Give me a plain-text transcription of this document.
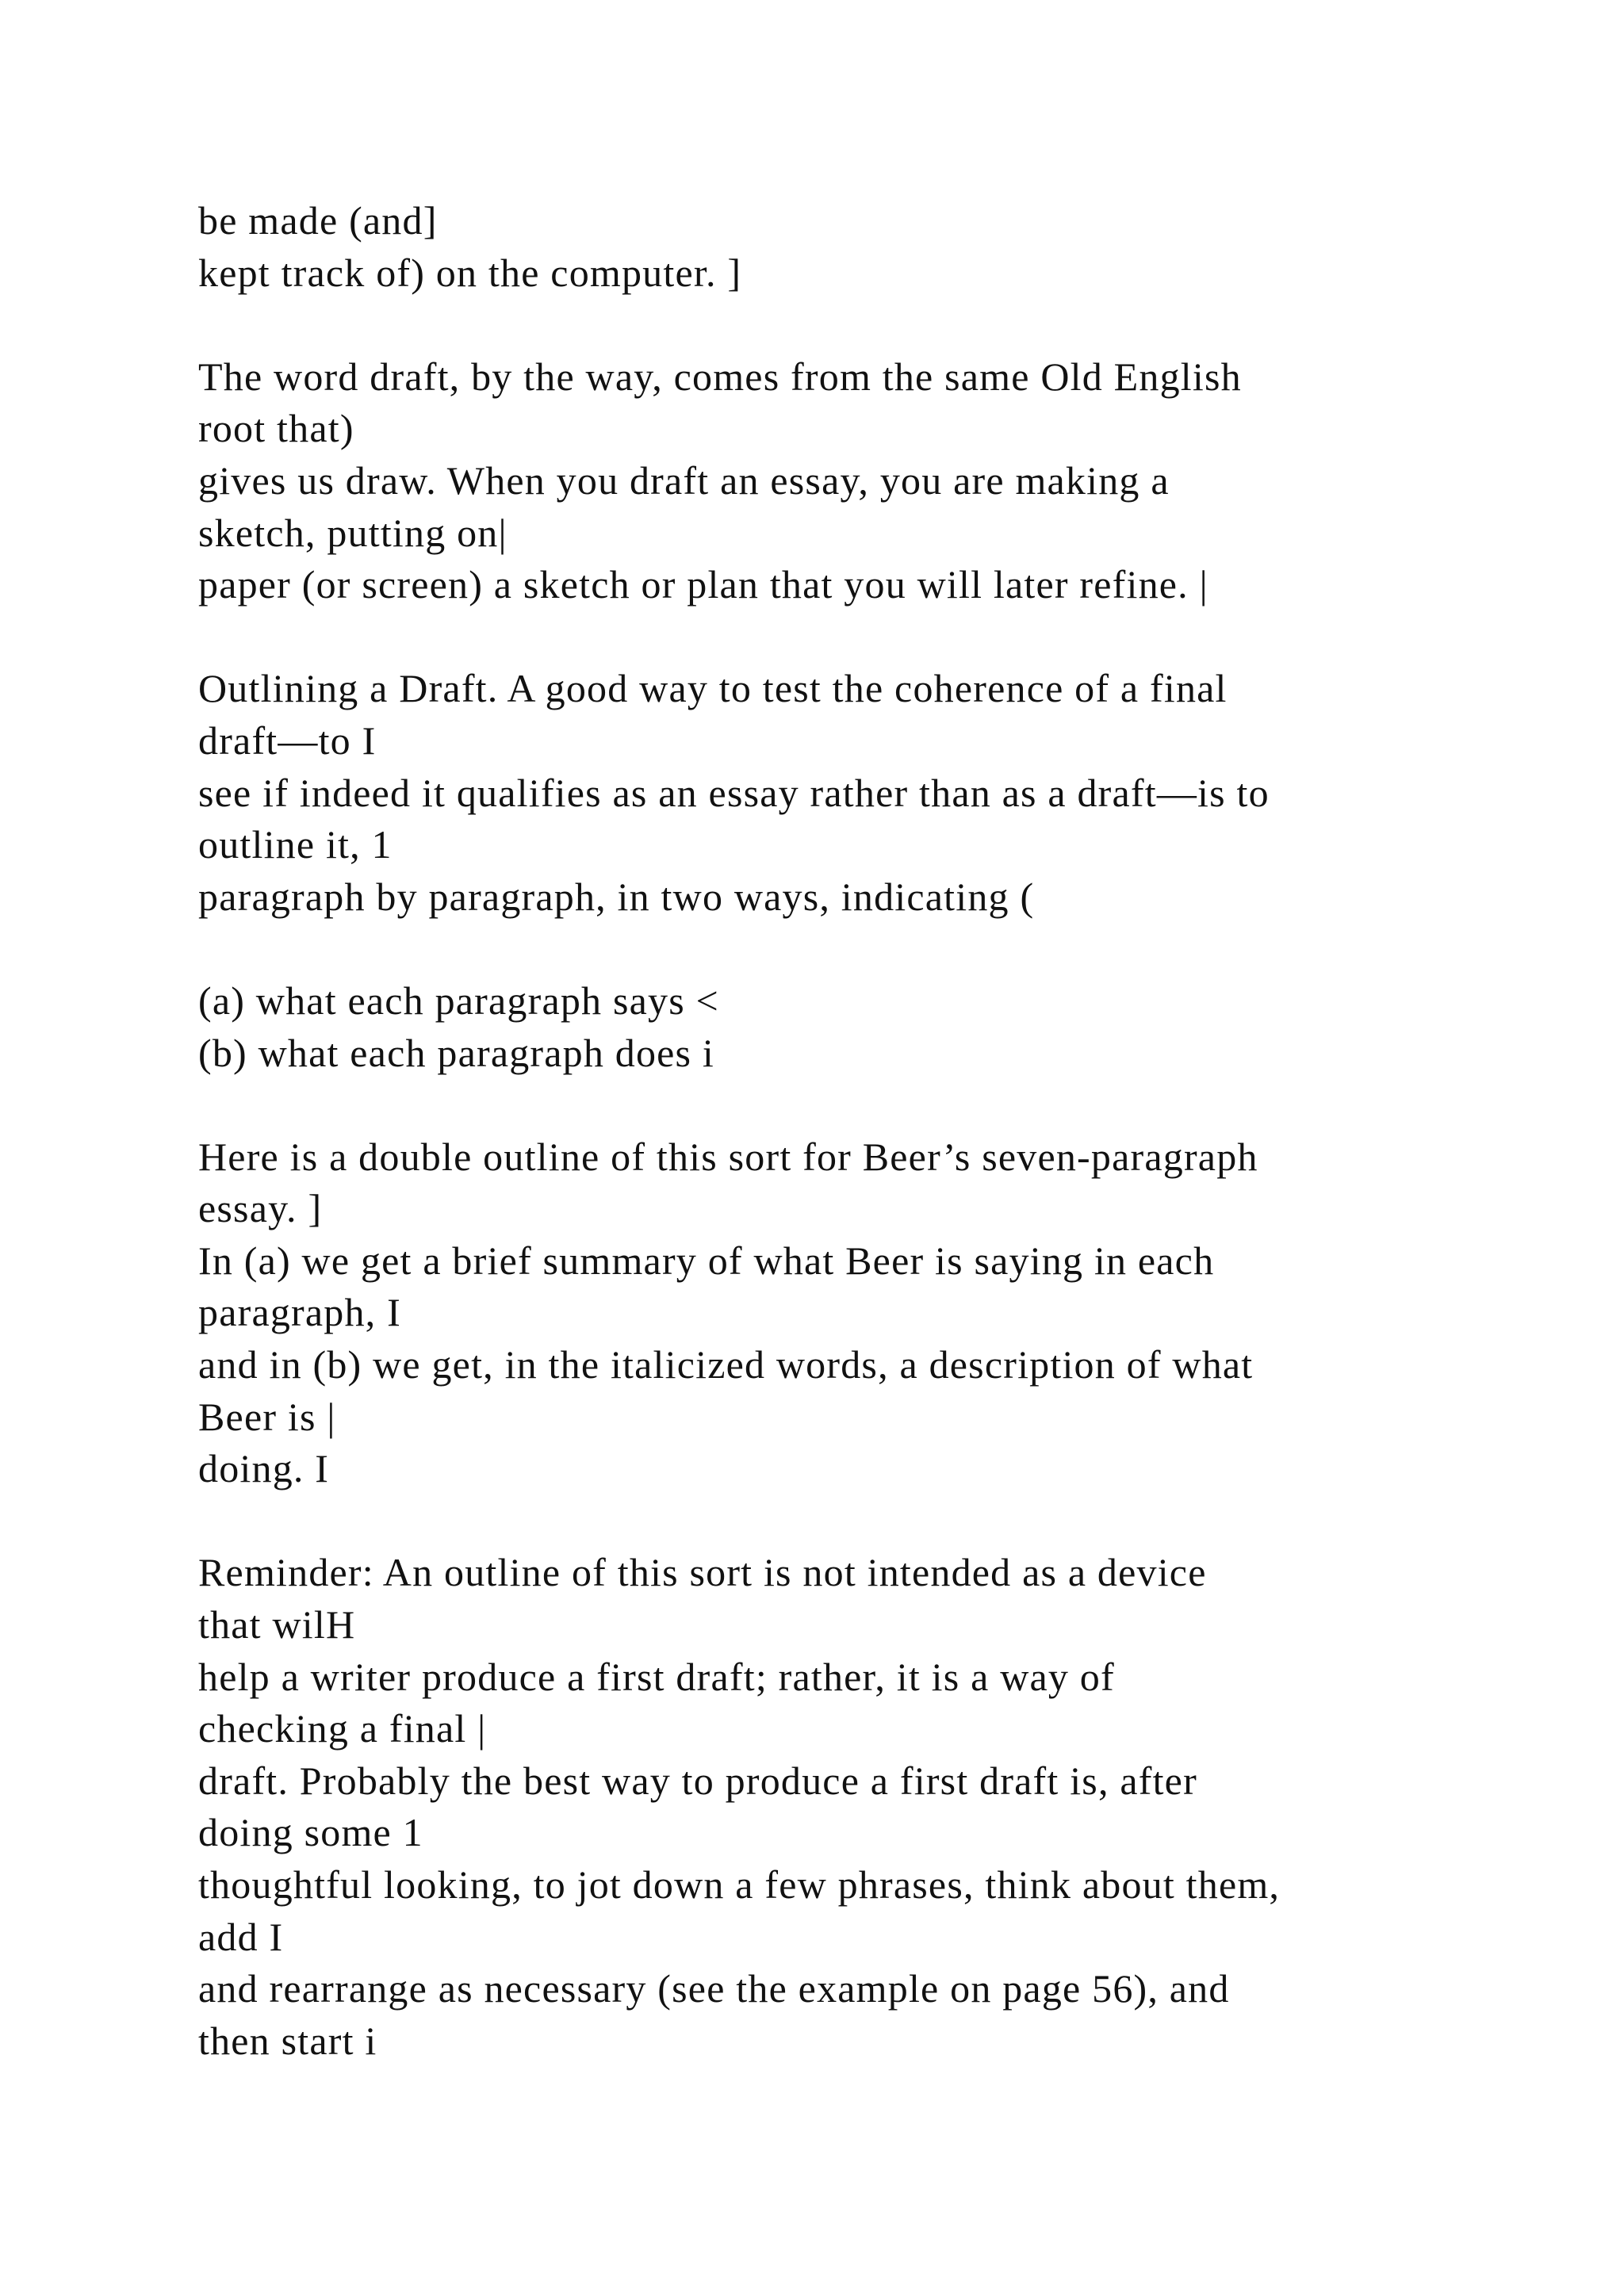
be made (and]
kept track of) on the computer. ]

The word draft, by the way, comes from the same Old English
root that)
gives us draw. When you draft an essay, you are making a
sketch, putting on|
paper (or screen) a sketch or plan that you will later refine. |

Outlining a Draft. A good way to test the coherence of a final
draft—to I
see if indeed it qualifies as an essay rather than as a draft—is to
outline it, 1
paragraph by paragraph, in two ways, indicating (

(a) what each paragraph says <
(b) what each paragraph does i

Here is a double outline of this sort for Beer’s seven-paragraph
essay. ]
In (a) we get a brief summary of what Beer is saying in each
paragraph, I
and in (b) we get, in the italicized words, a description of what
Beer is |
doing. I

Reminder: An outline of this sort is not intended as a device
that wilH
help a writer produce a first draft; rather, it is a way of
checking a final |
draft. Probably the best way to produce a first draft is, after
doing some 1
thoughtful looking, to jot down a few phrases, think about them,
add I
and rearrange as necessary (see the example on page 56), and
then start i
